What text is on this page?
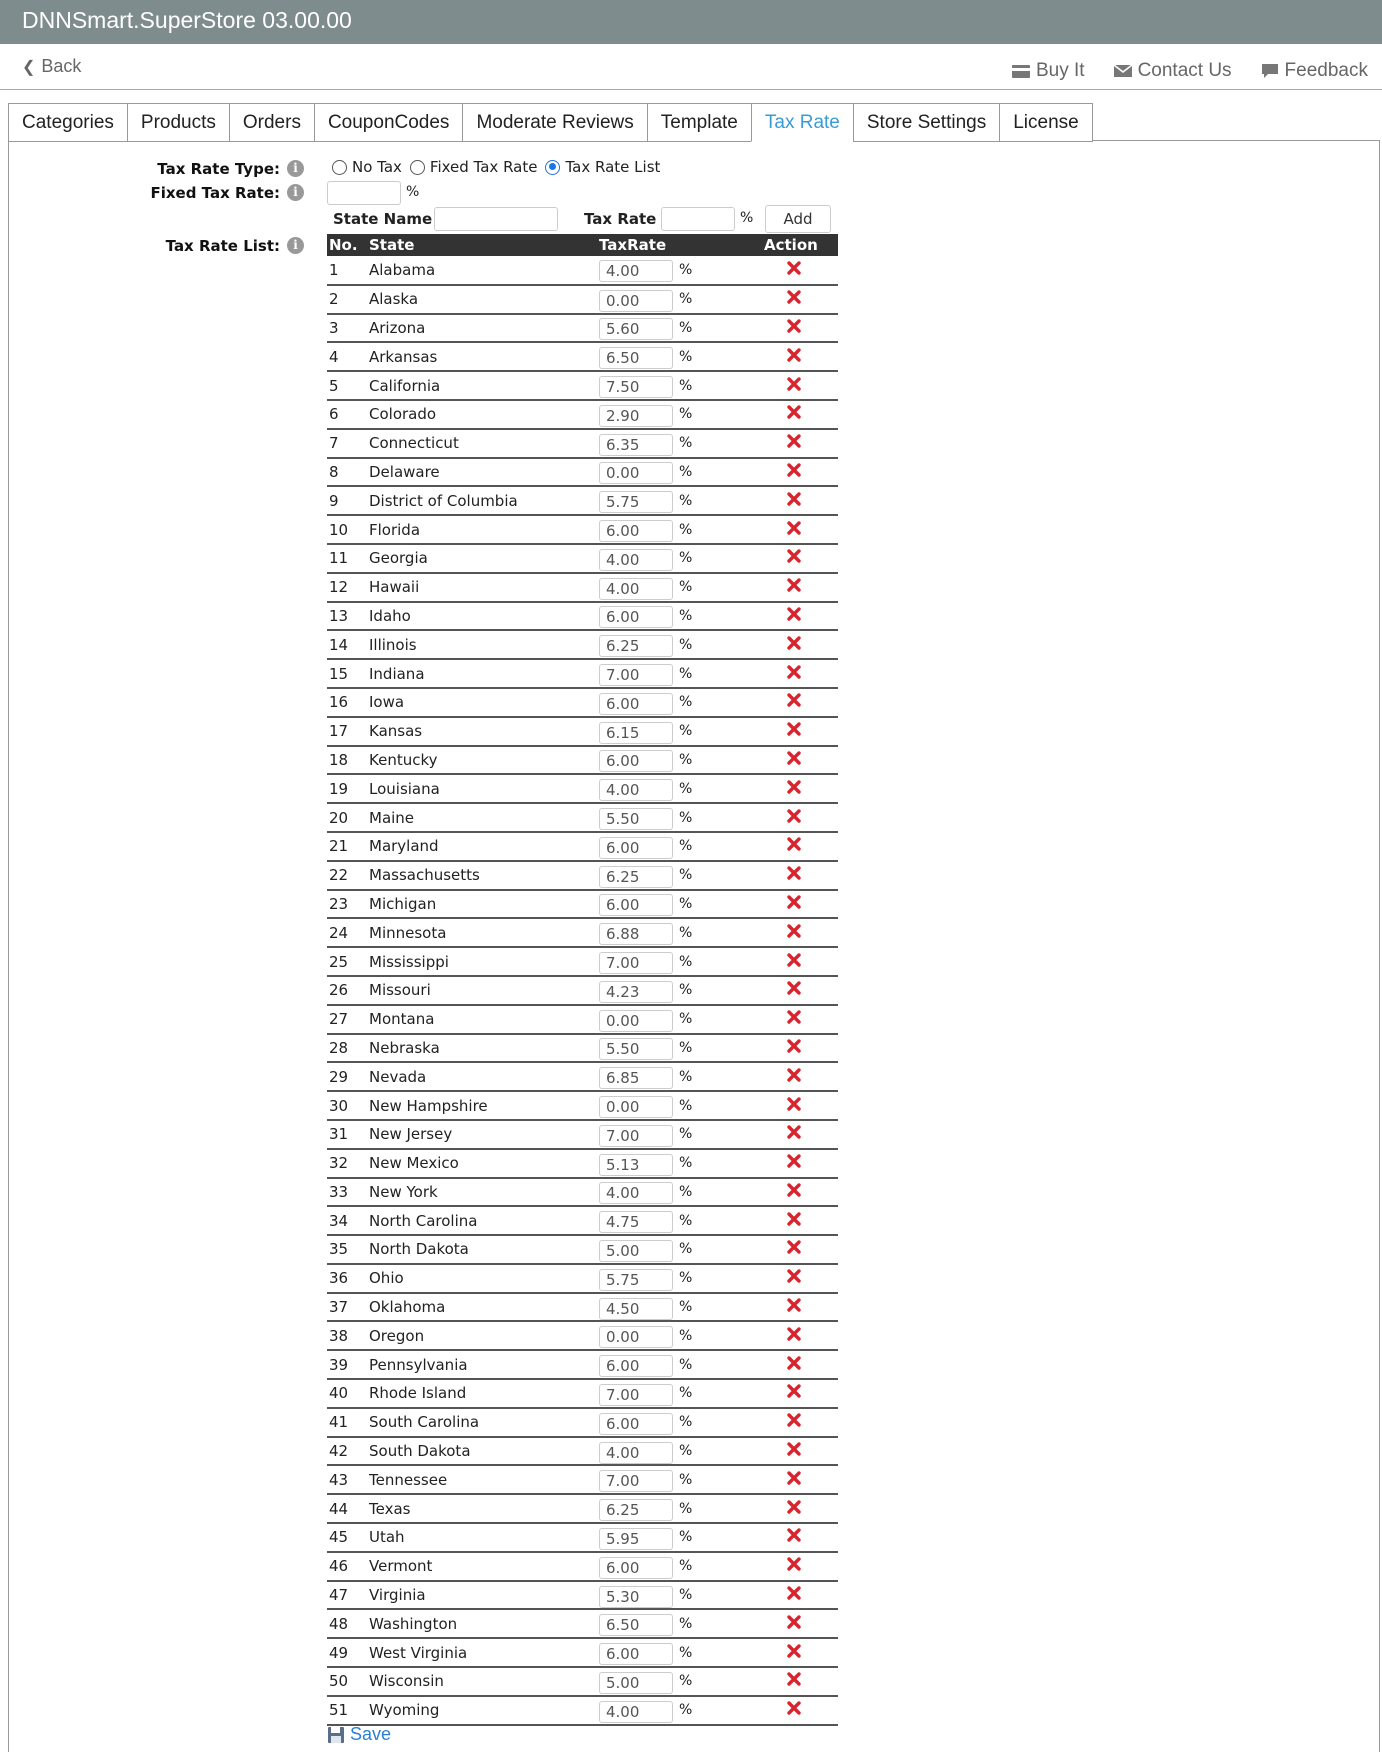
DNNSmart.SuperStore 03.00.00
❮ Back	Buy It	Contact Us	Feedback
Categories	Products	Orders	CouponCodes	Moderate Reviews	Template	Tax Rate	Store Settings	License
Tax Rate Type:	i	No Tax Fixed Tax Rate Tax Rate List
Fixed Tax Rate:	i	%
State Name	Tax Rate	%	Add
Tax Rate List:	i	No.	State	TaxRate	Action
1	Alabama	4.00%	
2	Alaska	0.00%	
3	Arizona	5.60%	
4	Arkansas	6.50%	
5	California	7.50%	
6	Colorado	2.90%	
7	Connecticut	6.35%	
8	Delaware	0.00%	
9	District of Columbia	5.75%	
10	Florida	6.00%	
11	Georgia	4.00%	
12	Hawaii	4.00%	
13	Idaho	6.00%	
14	Illinois	6.25%	
15	Indiana	7.00%	
16	Iowa	6.00%	
17	Kansas	6.15%	
18	Kentucky	6.00%	
19	Louisiana	4.00%	
20	Maine	5.50%	
21	Maryland	6.00%	
22	Massachusetts	6.25%	
23	Michigan	6.00%	
24	Minnesota	6.88%	
25	Mississippi	7.00%	
26	Missouri	4.23%	
27	Montana	0.00%	
28	Nebraska	5.50%	
29	Nevada	6.85%	
30	New Hampshire	0.00%	
31	New Jersey	7.00%	
32	New Mexico	5.13%	
33	New York	4.00%	
34	North Carolina	4.75%	
35	North Dakota	5.00%	
36	Ohio	5.75%	
37	Oklahoma	4.50%	
38	Oregon	0.00%	
39	Pennsylvania	6.00%	
40	Rhode Island	7.00%	
41	South Carolina	6.00%	
42	South Dakota	4.00%	
43	Tennessee	7.00%	
44	Texas	6.25%	
45	Utah	5.95%	
46	Vermont	6.00%	
47	Virginia	5.30%	
48	Washington	6.50%	
49	West Virginia	6.00%	
50	Wisconsin	5.00%	
51	Wyoming	4.00%	
Save
